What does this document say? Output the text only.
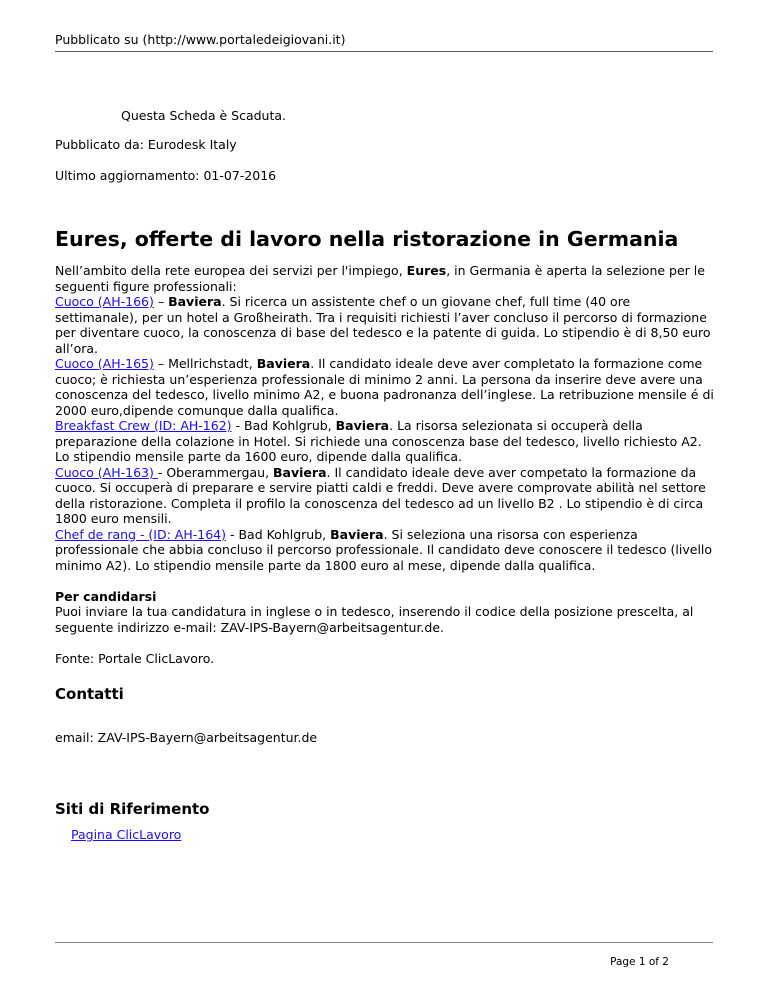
Pubblicato su (http://www.portaledeigiovani.it)
Questa Scheda è Scaduta.
Pubblicato da: Eurodesk Italy
Ultimo aggiornamento: 01-07-2016
Eures, offerte di lavoro nella ristorazione in Germania

Nell’ambito della rete europea dei servizi per l'impiego, Eures, in Germania è aperta la selezione per le seguenti figure professionali:

Cuoco (AH-166) – Baviera. Si ricerca un assistente chef o un giovane chef, full time (40 ore settimanale), per un hotel a Großheirath. Tra i requisiti richiesti l’aver concluso il percorso di formazione per diventare cuoco, la conoscenza di base del tedesco e la patente di guida. Lo stipendio è di 8,50 euro all’ora.

Cuoco (AH-165) – Mellrichstadt, Baviera. Il candidato ideale deve aver completato la formazione come cuoco; è richiesta un’esperienza professionale di minimo 2 anni. La persona da inserire deve avere una conoscenza del tedesco, livello minimo A2, e buona padronanza dell’inglese. La retribuzione mensile é di 2000 euro,dipende comunque dalla qualifica.

Breakfast Crew (ID: AH-162) - Bad Kohlgrub, Baviera. La risorsa selezionata si occuperà della preparazione della colazione in Hotel. Si richiede una conoscenza base del tedesco, livello richiesto A2. Lo stipendio mensile parte da 1600 euro, dipende dalla qualifica.

Cuoco (AH-163) - Oberammergau, Baviera. Il candidato ideale deve aver competato la formazione da cuoco. Si occuperà di preparare e servire piatti caldi e freddi. Deve avere comprovate abilità nel settore della ristorazione. Completa il profilo la conoscenza del tedesco ad un livello B2 . Lo stipendio è di circa 1800 euro mensili.

Chef de rang - (ID: AH-164) - Bad Kohlgrub, Baviera. Si seleziona una risorsa con esperienza professionale che abbia concluso il percorso professionale. Il candidato deve conoscere il tedesco (livello minimo A2). Lo stipendio mensile parte da 1800 euro al mese, dipende dalla qualifica.

Per candidarsi

Puoi inviare la tua candidatura in inglese o in tedesco, inserendo il codice della posizione prescelta, al seguente indirizzo e-mail: ZAV-IPS-Bayern@arbeitsagentur.de.

Fonte: Portale ClicLavoro.

Contatti
email: ZAV-IPS-Bayern@arbeitsagentur.de
Siti di Riferimento
Pagina ClicLavoro
Page 1 of 2
